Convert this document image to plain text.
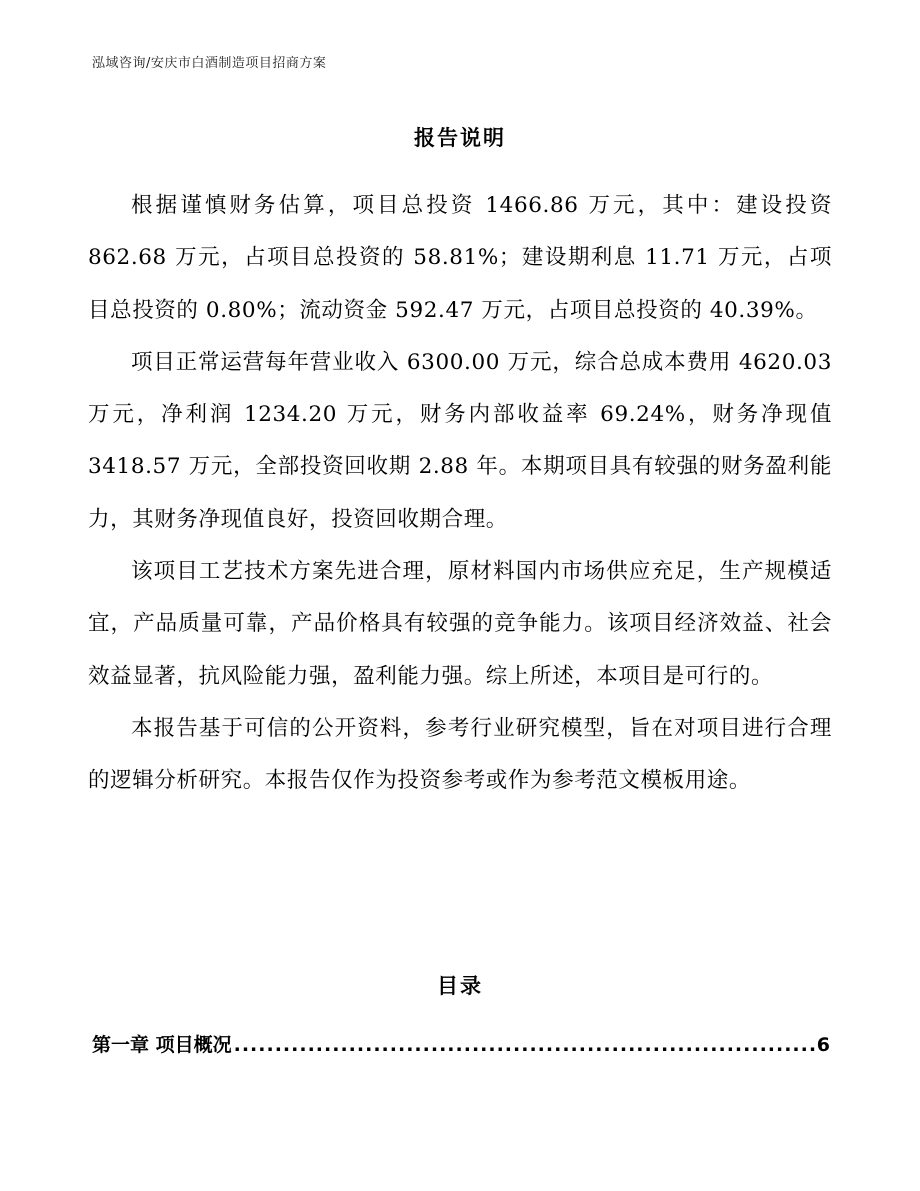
泓域咨询/安庆市白酒制造项目招商方案
报告说明

根据谨慎财务估算，项目总投资 1466.86 万元，其中：建设投资 862.68 万元，占项目总投资的 58.81%；建设期利息 11.71 万元，占项目总投资的 0.80%；流动资金 592.47 万元，占项目总投资的 40.39%。

项目正常运营每年营业收入 6300.00 万元，综合总成本费用 4620.03 万元，净利润 1234.20 万元，财务内部收益率 69.24%，财务净现值 3418.57 万元，全部投资回收期 2.88 年。本期项目具有较强的财务盈利能力，其财务净现值良好，投资回收期合理。

该项目工艺技术方案先进合理，原材料国内市场供应充足，生产规模适宜，产品质量可靠，产品价格具有较强的竞争能力。该项目经济效益、社会效益显著，抗风险能力强，盈利能力强。综上所述，本项目是可行的。

本报告基于可信的公开资料，参考行业研究模型，旨在对项目进行合理的逻辑分析研究。本报告仅作为投资参考或作为参考范文模板用途。

目录
第一章 项目概况
.....	6
